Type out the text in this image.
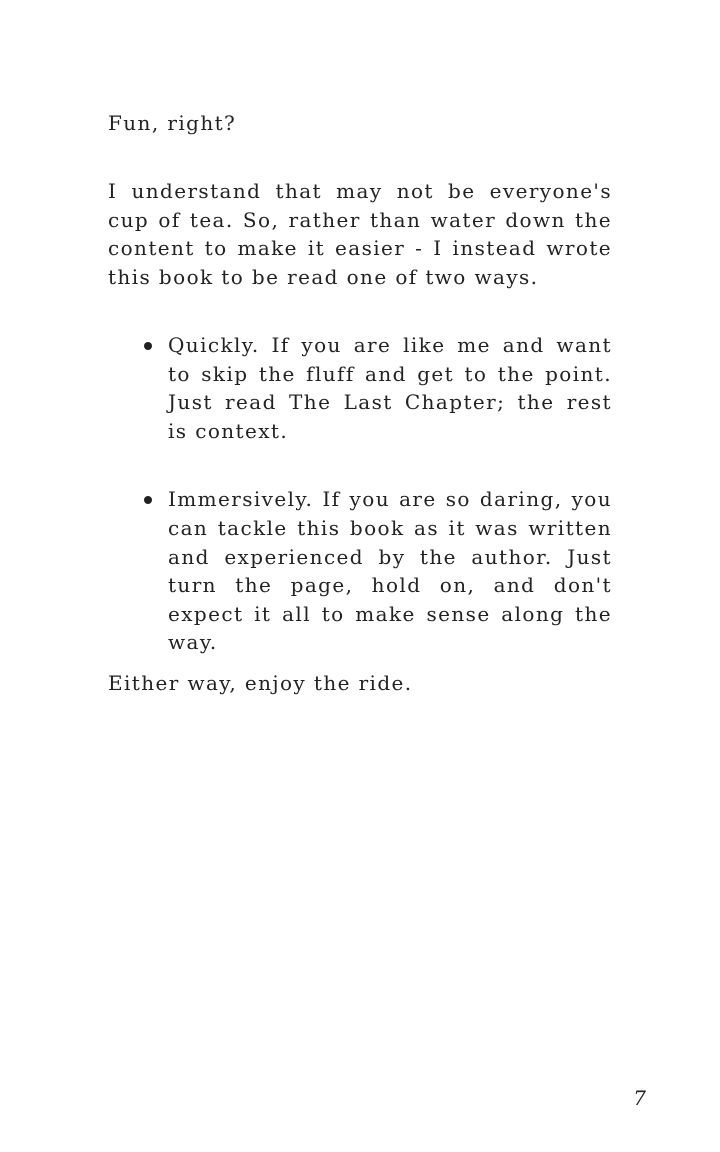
Fun, right?

I understand that may not be everyone's cup of tea. So, rather than water down the content to make it easier - I instead wrote this book to be read one of two ways.

Quickly. If you are like me and want to skip the fluff and get to the point. Just read The Last Chapter; the rest is context.
Immersively. If you are so daring, you can tackle this book as it was written and experienced by the author. Just turn the page, hold on, and don't expect it all to make sense along the way.

Either way, enjoy the ride.

7
